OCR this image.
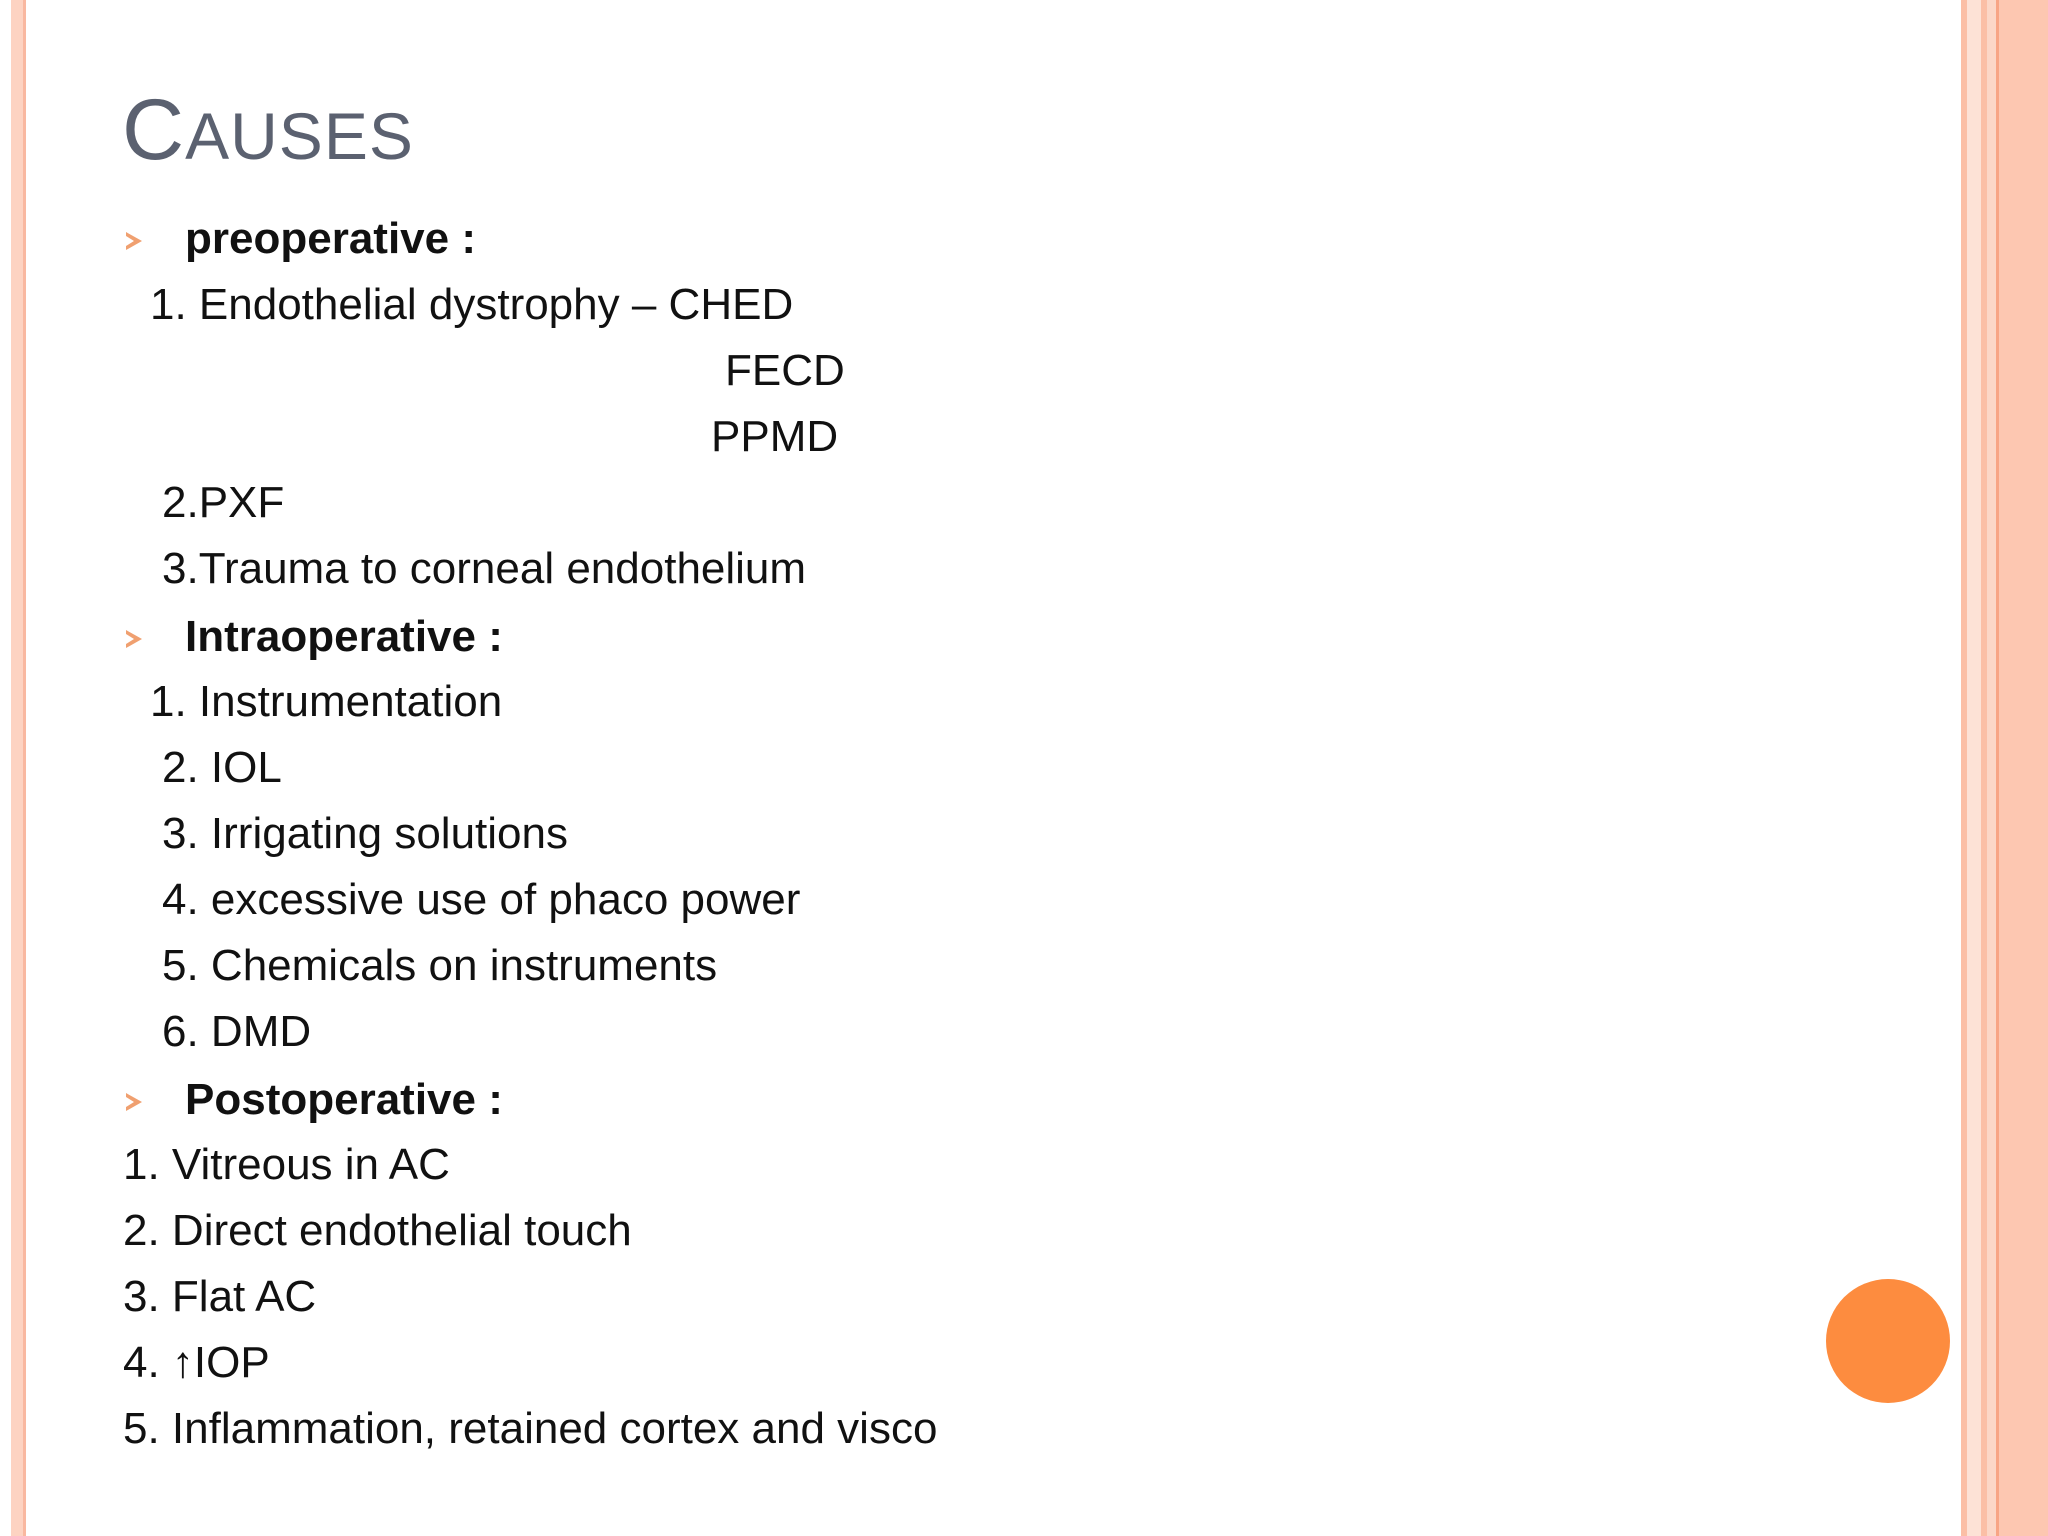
CAUSES
preoperative :
1. Endothelial dystrophy – CHED
FECD
PPMD
2.PXF
3.Trauma to corneal endothelium
Intraoperative :
1. Instrumentation
2. IOL
3. Irrigating solutions
4. excessive use of phaco power
5. Chemicals on instruments
6. DMD
Postoperative :
1. Vitreous in AC
2. Direct endothelial touch
3. Flat AC
4. ↑IOP
5. Inflammation, retained cortex and visco
